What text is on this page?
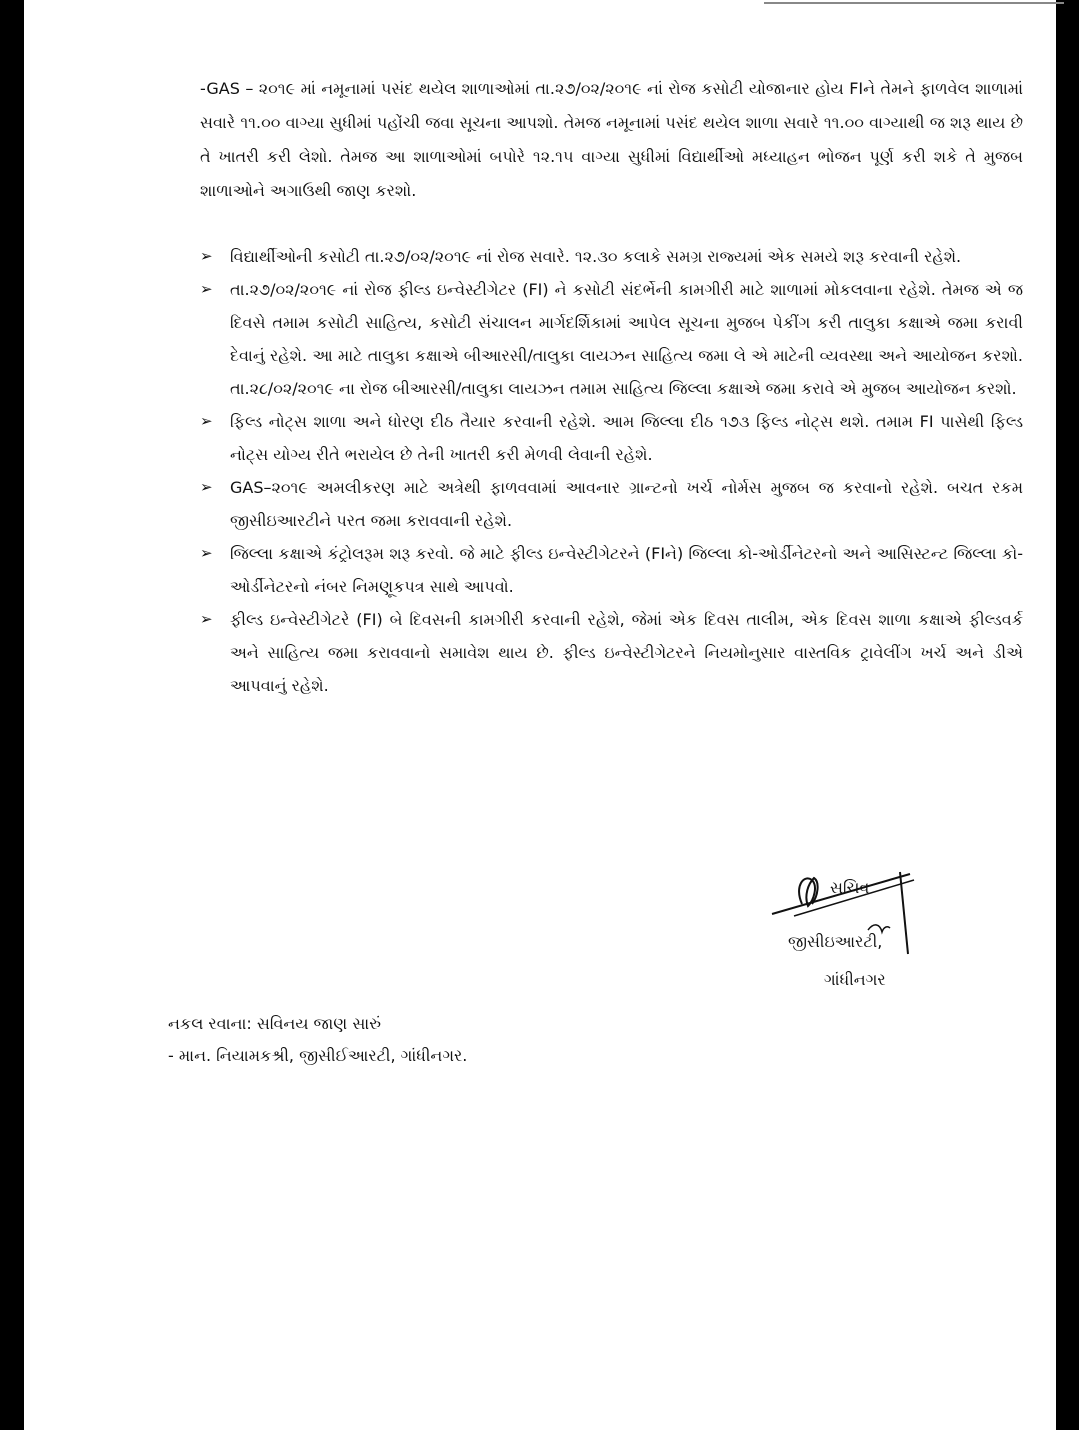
-GAS – ૨૦૧૯ માં નમૂનામાં પસંદ થયેલ શાળાઓમાં તા.૨૭/૦૨/૨૦૧૯ નાં રોજ કસોટી યોજાનાર હોય FIને તેમને ફાળવેલ શાળામાં સવારે ૧૧.૦૦ વાગ્યા સુધીમાં પહોંચી જવા સૂચના આપશો. તેમજ નમૂનામાં પસંદ થયેલ શાળા સવારે ૧૧.૦૦ વાગ્યાથી જ શરૂ થાય છે તે ખાતરી કરી લેશો. તેમજ આ શાળાઓમાં બપોરે ૧૨.૧૫ વાગ્યા સુધીમાં વિદ્યાર્થીઓ મધ્યાહન ભોજન પૂર્ણ કરી શકે તે મુજબ શાળાઓને અગાઉથી જાણ કરશો.

➢ વિદ્યાર્થીઓની કસોટી તા.૨૭/૦૨/૨૦૧૯ નાં રોજ સવારે. ૧૨.૩૦ કલાકે સમગ્ર રાજ્યમાં એક સમયે શરૂ કરવાની રહેશે.
➢ તા.૨૭/૦૨/૨૦૧૯ નાં રોજ ફીલ્ડ ઇન્વેસ્ટીગેટર (FI) ને કસોટી સંદર્ભેની કામગીરી માટે શાળામાં મોકલવાના રહેશે. તેમજ એ જ દિવસે તમામ કસોટી સાહિત્ય, કસોટી સંચાલન માર્ગદર્શિકામાં આપેલ સૂચના મુજબ પેકીંગ કરી તાલુકા કક્ષાએ જમા કરાવી દેવાનું રહેશે. આ માટે તાલુકા કક્ષાએ બીઆરસી/તાલુકા લાયઝન સાહિત્ય જમા લે એ માટેની વ્યવસ્થા અને આયોજન કરશો. તા.૨૮/૦૨/૨૦૧૯ ના રોજ બીઆરસી/તાલુકા લાયઝન તમામ સાહિત્ય જિલ્લા કક્ષાએ જમા કરાવે એ મુજબ આયોજન કરશો.
➢ ફિલ્ડ નોટ્સ શાળા અને ધોરણ દીઠ તૈયાર કરવાની રહેશે. આમ જિલ્લા દીઠ ૧૭૩ ફિલ્ડ નોટ્સ થશે. તમામ FI પાસેથી ફિલ્ડ નોટ્સ યોગ્ય રીતે ભરાયેલ છે તેની ખાતરી કરી મેળવી લેવાની રહેશે.
➢ GAS–૨૦૧૯ અમલીકરણ માટે અત્રેથી ફાળવવામાં આવનાર ગ્રાન્ટનો ખર્ચ નોર્મસ મુજબ જ કરવાનો રહેશે. બચત રકમ જીસીઇઆરટીને પરત જમા કરાવવાની રહેશે.
➢ જિલ્લા કક્ષાએ કંટ્રોલરૂમ શરૂ કરવો. જે માટે ફીલ્ડ ઇન્વેસ્ટીગેટરને (FIને) જિલ્લા કો-ઓર્ડીનેટરનો અને આસિસ્ટન્ટ જિલ્લા કો-ઓર્ડીનેટરનો નંબર નિમણૂકપત્ર સાથે આપવો.
➢ ફીલ્ડ ઇન્વેસ્ટીગેટરે (FI) બે દિવસની કામગીરી કરવાની રહેશે, જેમાં એક દિવસ તાલીમ, એક દિવસ શાળા કક્ષાએ ફીલ્ડવર્ક અને સાહિત્ય જમા કરાવવાનો સમાવેશ થાય છે. ફીલ્ડ ઇન્વેસ્ટીગેટરને નિયમોનુસાર વાસ્તવિક ટ્રાવેલીંગ ખર્ચ અને ડીએ આપવાનું રહેશે.
સચિવ
જીસીઇઆરટી,
ગાંધીનગર
નકલ રવાના: સવિનય જાણ સારું
- માન. નિયામકશ્રી, જીસીઈઆરટી, ગાંધીનગર.
